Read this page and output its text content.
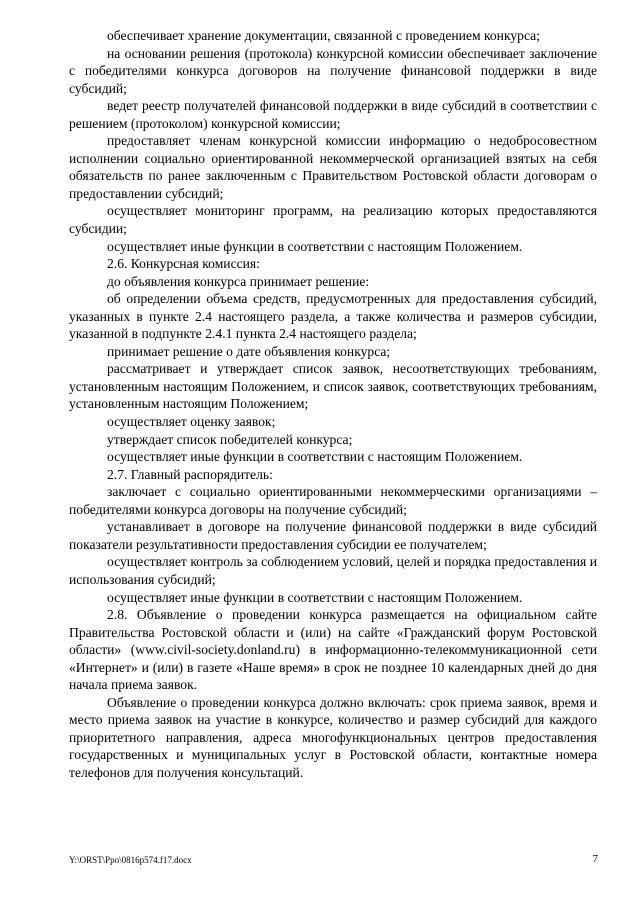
обеспечивает хранение документации, связанной с проведением конкурса;

на основании решения (протокола) конкурсной комиссии обеспечивает заключение с победителями конкурса договоров на получение финансовой поддержки в виде субсидий;

ведет реестр получателей финансовой поддержки в виде субсидий в соответствии с решением (протоколом) конкурсной комиссии;

предоставляет членам конкурсной комиссии информацию о недобросовестном исполнении социально ориентированной некоммерческой организацией взятых на себя обязательств по ранее заключенным с Правительством Ростовской области договорам о предоставлении субсидий;

осуществляет мониторинг программ, на реализацию которых предоставляются субсидии;

осуществляет иные функции в соответствии с настоящим Положением.

2.6. Конкурсная комиссия:

до объявления конкурса принимает решение:

об определении объема средств, предусмотренных для предоставления субсидий, указанных в пункте 2.4 настоящего раздела, а также количества и размеров субсидии, указанной в подпункте 2.4.1 пункта 2.4 настоящего раздела;

принимает решение о дате объявления конкурса;

рассматривает и утверждает список заявок, несоответствующих требованиям, установленным настоящим Положением, и список заявок, соответствующих требованиям, установленным настоящим Положением;

осуществляет оценку заявок;

утверждает список победителей конкурса;

осуществляет иные функции в соответствии с настоящим Положением.

2.7. Главный распорядитель:

заключает с социально ориентированными некоммерческими организациями – победителями конкурса договоры на получение субсидий;

устанавливает в договоре на получение финансовой поддержки в виде субсидий показатели результативности предоставления субсидии ее получателем;

осуществляет контроль за соблюдением условий, целей и порядка предоставления и использования субсидий;

осуществляет иные функции в соответствии с настоящим Положением.

2.8. Объявление о проведении конкурса размещается на официальном сайте Правительства Ростовской области и (или) на сайте «Гражданский форум Ростовской области» (www.civil-society.donland.ru) в информационно-телекоммуникационной сети «Интернет» и (или) в газете «Наше время» в срок не позднее 10 календарных дней до дня начала приема заявок.

Объявление о проведении конкурса должно включать: срок приема заявок, время и место приема заявок на участие в конкурсе, количество и размер субсидий для каждого приоритетного направления, адреса многофункциональных центров предоставления государственных и муниципальных услуг в Ростовской области, контактные номера телефонов для получения консультаций.

Y:\ORST\Ppo\0816p574.f17.docx	7
